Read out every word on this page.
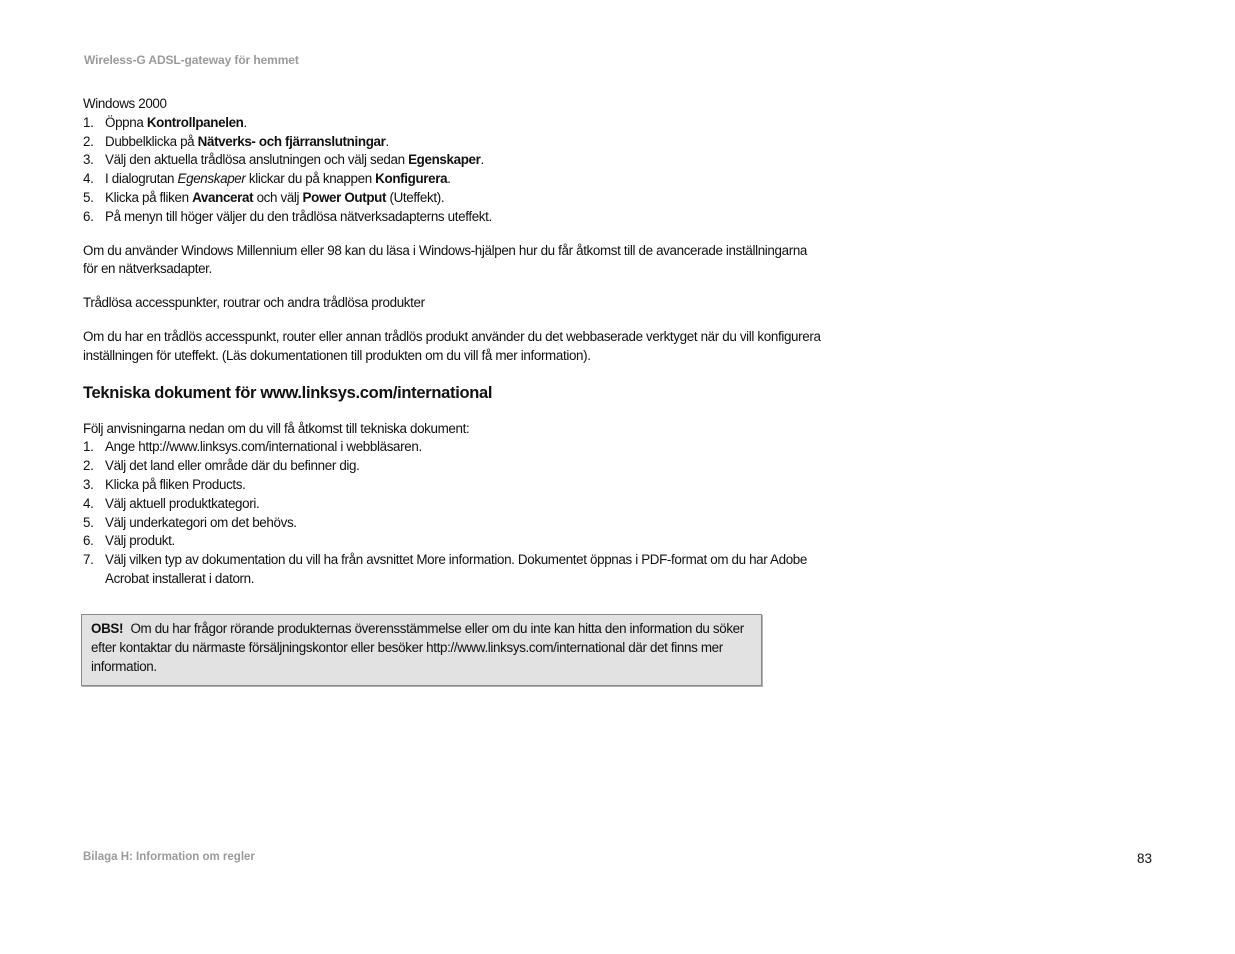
Wireless-G ADSL-gateway för hemmet

Windows 2000

1. Öppna Kontrollpanelen.
2. Dubbelklicka på Nätverks- och fjärranslutningar.
3. Välj den aktuella trådlösa anslutningen och välj sedan Egenskaper.
4. I dialogrutan Egenskaper klickar du på knappen Konfigurera.
5. Klicka på fliken Avancerat och välj Power Output (Uteffekt).
6. På menyn till höger väljer du den trådlösa nätverksadapterns uteffekt.

Om du använder Windows Millennium eller 98 kan du läsa i Windows-hjälpen hur du får åtkomst till de avancerade inställningarna för en nätverksadapter.

Trådlösa accesspunkter, routrar och andra trådlösa produkter

Om du har en trådlös accesspunkt, router eller annan trådlös produkt använder du det webbaserade verktyget när du vill konfigurera inställningen för uteffekt. (Läs dokumentationen till produkten om du vill få mer information).

Tekniska dokument för www.linksys.com/international

Följ anvisningarna nedan om du vill få åtkomst till tekniska dokument:

1. Ange http://www.linksys.com/international i webbläsaren.
2. Välj det land eller område där du befinner dig.
3. Klicka på fliken Products.
4. Välj aktuell produktkategori.
5. Välj underkategori om det behövs.
6. Välj produkt.
7. Välj vilken typ av dokumentation du vill ha från avsnittet More information. Dokumentet öppnas i PDF-format om du har Adobe Acrobat installerat i datorn.
OBS! Om du har frågor rörande produkternas överensstämmelse eller om du inte kan hitta den information du söker efter kontaktar du närmaste försäljningskontor eller besöker http://www.linksys.com/international där det finns mer information.
Bilaga H: Information om regler	83
